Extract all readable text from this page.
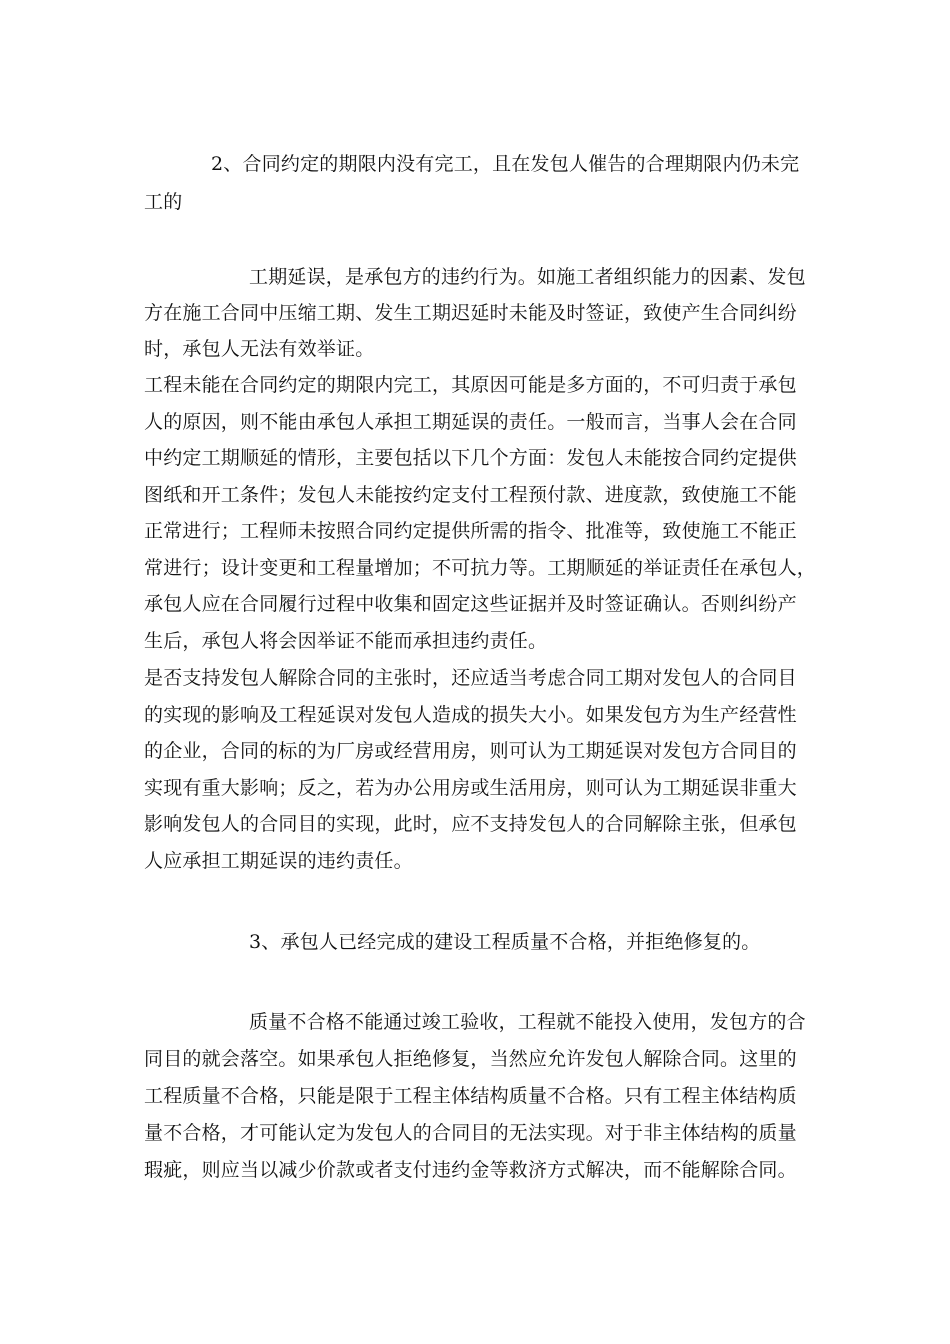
2、合同约定的期限内没有完工，且在发包人催告的合理期限内仍未完
工的
工期延误，是承包方的违约行为。如施工者组织能力的因素、发包
方在施工合同中压缩工期、发生工期迟延时未能及时签证，致使产生合同纠纷
时，承包人无法有效举证。
工程未能在合同约定的期限内完工，其原因可能是多方面的，不可归责于承包
人的原因，则不能由承包人承担工期延误的责任。一般而言，当事人会在合同
中约定工期顺延的情形，主要包括以下几个方面：发包人未能按合同约定提供
图纸和开工条件；发包人未能按约定支付工程预付款、进度款，致使施工不能
正常进行；工程师未按照合同约定提供所需的指令、批准等，致使施工不能正
常进行；设计变更和工程量增加；不可抗力等。工期顺延的举证责任在承包人，
承包人应在合同履行过程中收集和固定这些证据并及时签证确认。否则纠纷产
生后，承包人将会因举证不能而承担违约责任。
是否支持发包人解除合同的主张时，还应适当考虑合同工期对发包人的合同目
的实现的影响及工程延误对发包人造成的损失大小。如果发包方为生产经营性
的企业，合同的标的为厂房或经营用房，则可认为工期延误对发包方合同目的
实现有重大影响；反之，若为办公用房或生活用房，则可认为工期延误非重大
影响发包人的合同目的实现，此时，应不支持发包人的合同解除主张，但承包
人应承担工期延误的违约责任。
3、承包人已经完成的建设工程质量不合格，并拒绝修复的。
质量不合格不能通过竣工验收，工程就不能投入使用，发包方的合
同目的就会落空。如果承包人拒绝修复，当然应允许发包人解除合同。这里的
工程质量不合格，只能是限于工程主体结构质量不合格。只有工程主体结构质
量不合格，才可能认定为发包人的合同目的无法实现。对于非主体结构的质量
瑕疵，则应当以减少价款或者支付违约金等救济方式解决，而不能解除合同。
